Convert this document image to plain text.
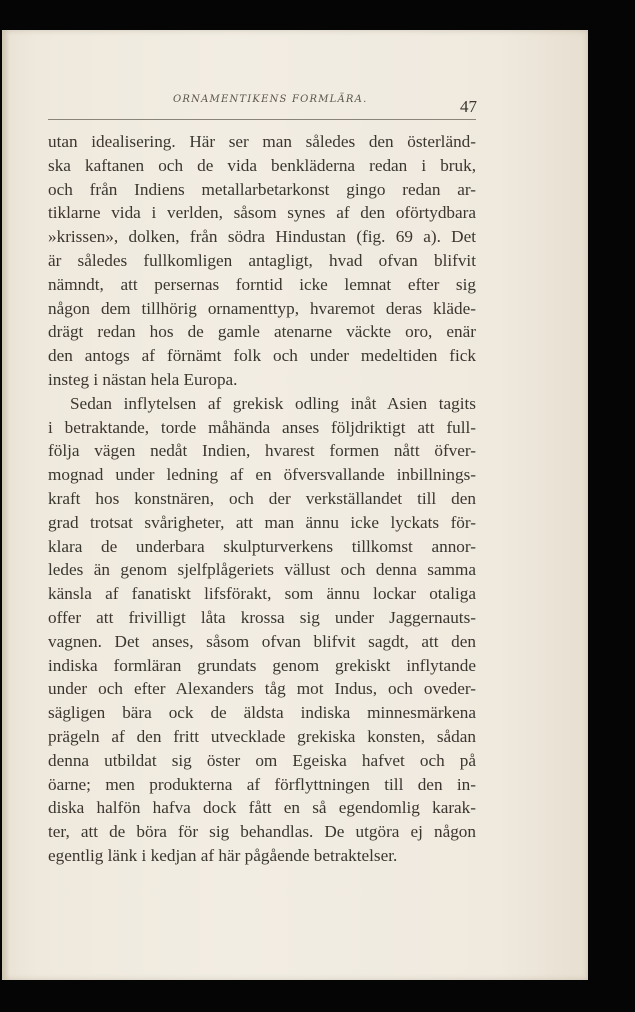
ORNAMENTIKENS FORMLÄRA.	47
utan idealisering. Här ser man således den österländ-
ska kaftanen och de vida benkläderna redan i bruk,
och från Indiens metallarbetarkonst gingo redan ar-
tiklarne vida i verlden, såsom synes af den oförtydbara
»krissen», dolken, från södra Hindustan (fig. 69 a). Det
är således fullkomligen antagligt, hvad ofvan blifvit
nämndt, att persernas forntid icke lemnat efter sig
någon dem tillhörig ornamenttyp, hvaremot deras kläde-
drägt redan hos de gamle atenarne väckte oro, enär
den antogs af förnämt folk och under medeltiden fick
insteg i nästan hela Europa.
Sedan inflytelsen af grekisk odling inåt Asien tagits
i betraktande, torde måhända anses följdriktigt att full-
följa vägen nedåt Indien, hvarest formen nått öfver-
mognad under ledning af en öfversvallande inbillnings-
kraft hos konstnären, och der verkställandet till den
grad trotsat svårigheter, att man ännu icke lyckats för-
klara de underbara skulpturverkens tillkomst annor-
ledes än genom sjelfplågeriets vällust och denna samma
känsla af fanatiskt lifsförakt, som ännu lockar otaliga
offer att frivilligt låta krossa sig under Jaggernauts-
vagnen. Det anses, såsom ofvan blifvit sagdt, att den
indiska formläran grundats genom grekiskt inflytande
under och efter Alexanders tåg mot Indus, och oveder-
sägligen bära ock de äldsta indiska minnesmärkena
prägeln af den fritt utvecklade grekiska konsten, sådan
denna utbildat sig öster om Egeiska hafvet och på
öarne; men produkterna af förflyttningen till den in-
diska halfön hafva dock fått en så egendomlig karak-
ter, att de böra för sig behandlas. De utgöra ej någon
egentlig länk i kedjan af här pågående betraktelser.
